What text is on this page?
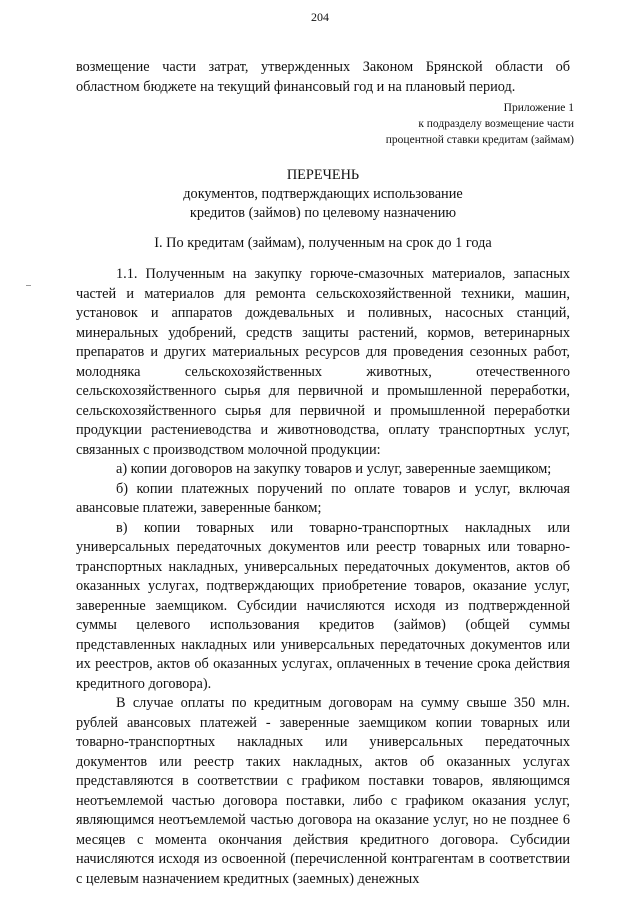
204

возмещение части затрат, утвержденных Законом Брянской области об областном бюджете на текущий финансовый год и на плановый период.

Приложение 1
к подразделу возмещение части
процентной ставки кредитам (займам)
ПЕРЕЧЕНЬ
документов, подтверждающих использование
кредитов (займов) по целевому назначению
I. По кредитам (займам), полученным на срок до 1 года

1.1. Полученным на закупку горюче-смазочных материалов, запасных частей и материалов для ремонта сельскохозяйственной техники, машин, установок и аппаратов дождевальных и поливных, насосных станций, минеральных удобрений, средств защиты растений, кормов, ветеринарных препаратов и других материальных ресурсов для проведения сезонных работ, молодняка сельскохозяйственных животных, отечественного сельскохозяйственного сырья для первичной и промышленной переработки, сельскохозяйственного сырья для первичной и промышленной переработки продукции растениеводства и животноводства, оплату транспортных услуг, связанных с производством молочной продукции:

а) копии договоров на закупку товаров и услуг, заверенные заемщиком;

б) копии платежных поручений по оплате товаров и услуг, включая авансовые платежи, заверенные банком;

в) копии товарных или товарно-транспортных накладных или универсальных передаточных документов или реестр товарных или товарно-транспортных накладных, универсальных передаточных документов, актов об оказанных услугах, подтверждающих приобретение товаров, оказание услуг, заверенные заемщиком. Субсидии начисляются исходя из подтвержденной суммы целевого использования кредитов (займов) (общей суммы представленных накладных или универсальных передаточных документов или их реестров, актов об оказанных услугах, оплаченных в течение срока действия кредитного договора).

В случае оплаты по кредитным договорам на сумму свыше 350 млн. рублей авансовых платежей - заверенные заемщиком копии товарных или товарно-транспортных накладных или универсальных передаточных документов или реестр таких накладных, актов об оказанных услугах представляются в соответствии с графиком поставки товаров, являющимся неотъемлемой частью договора поставки, либо с графиком оказания услуг, являющимся неотъемлемой частью договора на оказание услуг, но не позднее 6 месяцев с момента окончания действия кредитного договора. Субсидии начисляются исходя из освоенной (перечисленной контрагентам в соответствии с целевым назначением кредитных (заемных) денежных
